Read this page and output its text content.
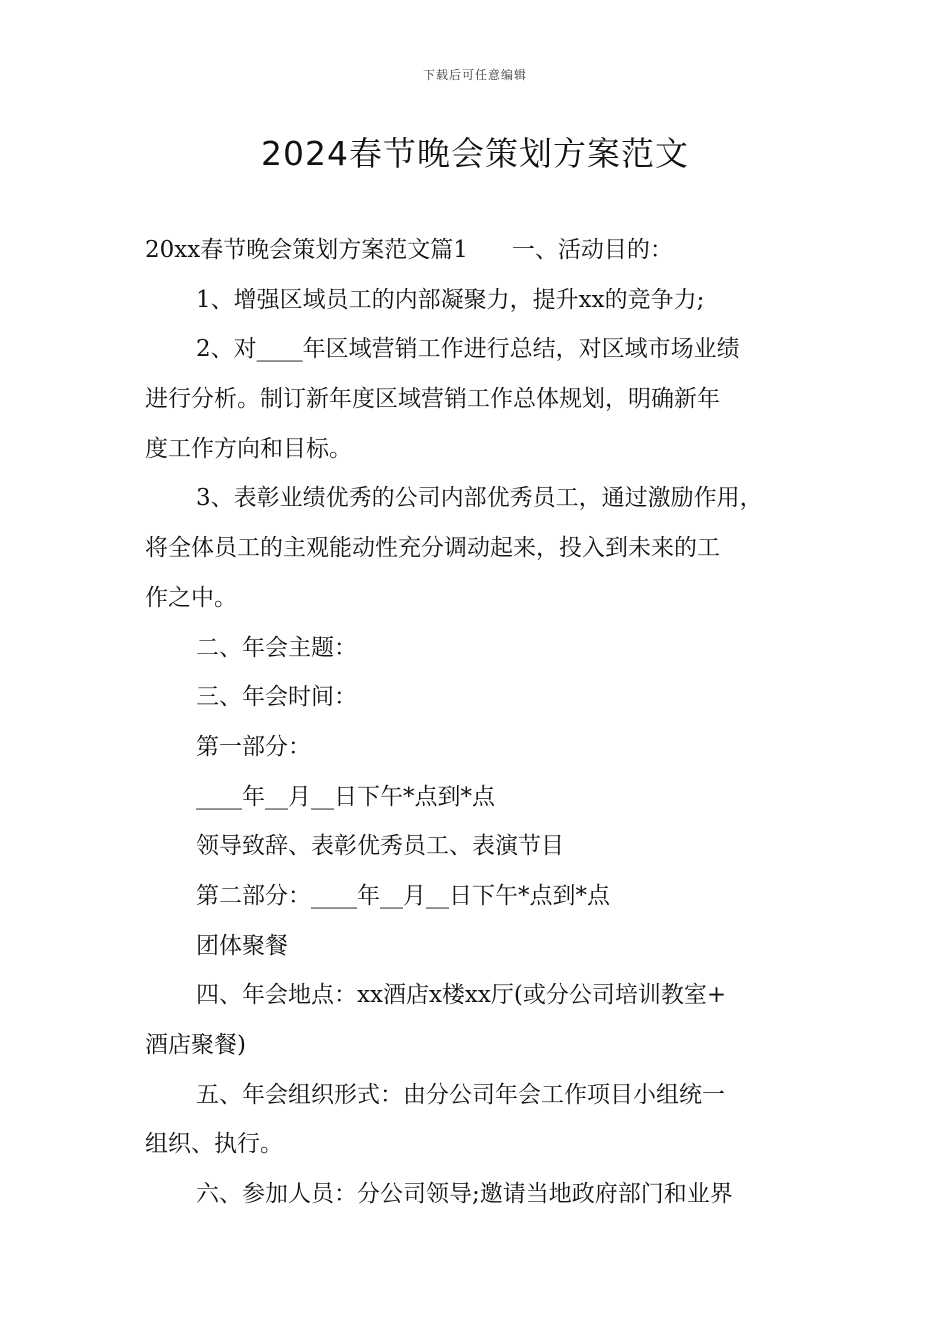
下载后可任意编辑
2024春节晚会策划方案范文
20xx春节晚会策划方案范文篇1 一、活动目的：
1、增强区域员工的内部凝聚力，提升xx的竞争力;
2、对____年区域营销工作进行总结，对区域市场业绩
进行分析。制订新年度区域营销工作总体规划，明确新年
度工作方向和目标。
3、表彰业绩优秀的公司内部优秀员工，通过激励作用，
将全体员工的主观能动性充分调动起来，投入到未来的工
作之中。
二、年会主题：
三、年会时间：
第一部分：
____年__月__日下午*点到*点
领导致辞、表彰优秀员工、表演节目
第二部分：____年__月__日下午*点到*点
团体聚餐
四、年会地点：xx酒店x楼xx厅(或分公司培训教室+
酒店聚餐)
五、年会组织形式：由分公司年会工作项目小组统一
组织、执行。
六、参加人员：分公司领导;邀请当地政府部门和业界
